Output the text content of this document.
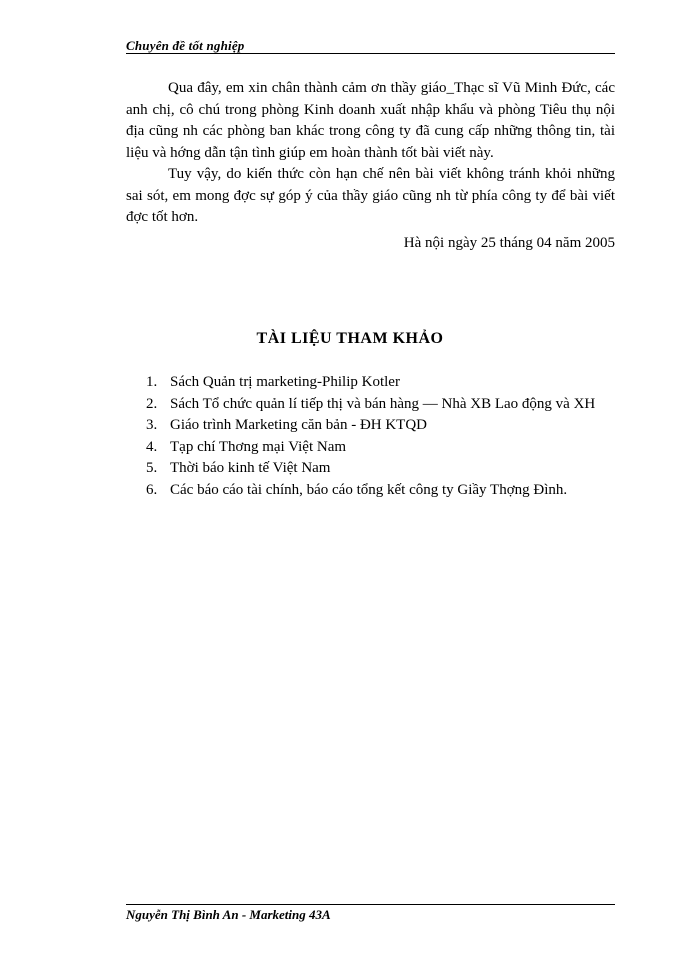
Chuyên đề tốt nghiệp

Qua đây, em xin chân thành cảm ơn thầy giáo_Thạc sĩ Vũ Minh Đức, các anh chị, cô chú trong phòng Kinh doanh xuất nhập khẩu và phòng Tiêu thụ nội địa cũng nh các phòng ban khác trong công ty đã cung cấp những thông tin, tài liệu và hớng dẫn tận tình giúp em hoàn thành tốt bài viết này.

Tuy vậy, do kiến thức còn hạn chế nên bài viết không tránh khỏi những sai sót, em mong đợc sự góp ý của thầy giáo cũng nh từ phía công ty để bài viết đợc tốt hơn.

Hà nội ngày 25 tháng 04 năm 2005

TÀI LIỆU THAM KHẢO
1. Sách Quản trị marketing-Philip Kotler
2. Sách Tổ chức quản lí tiếp thị và bán hàng — Nhà XB Lao động và XH
3. Giáo trình Marketing căn bản - ĐH KTQD
4. Tạp chí Thơng mại Việt Nam
5. Thời báo kinh tế Việt Nam
6. Các báo cáo tài chính, báo cáo tổng kết công ty Giầy Thợng Đình.
Nguyễn Thị Bình An - Marketing 43A
